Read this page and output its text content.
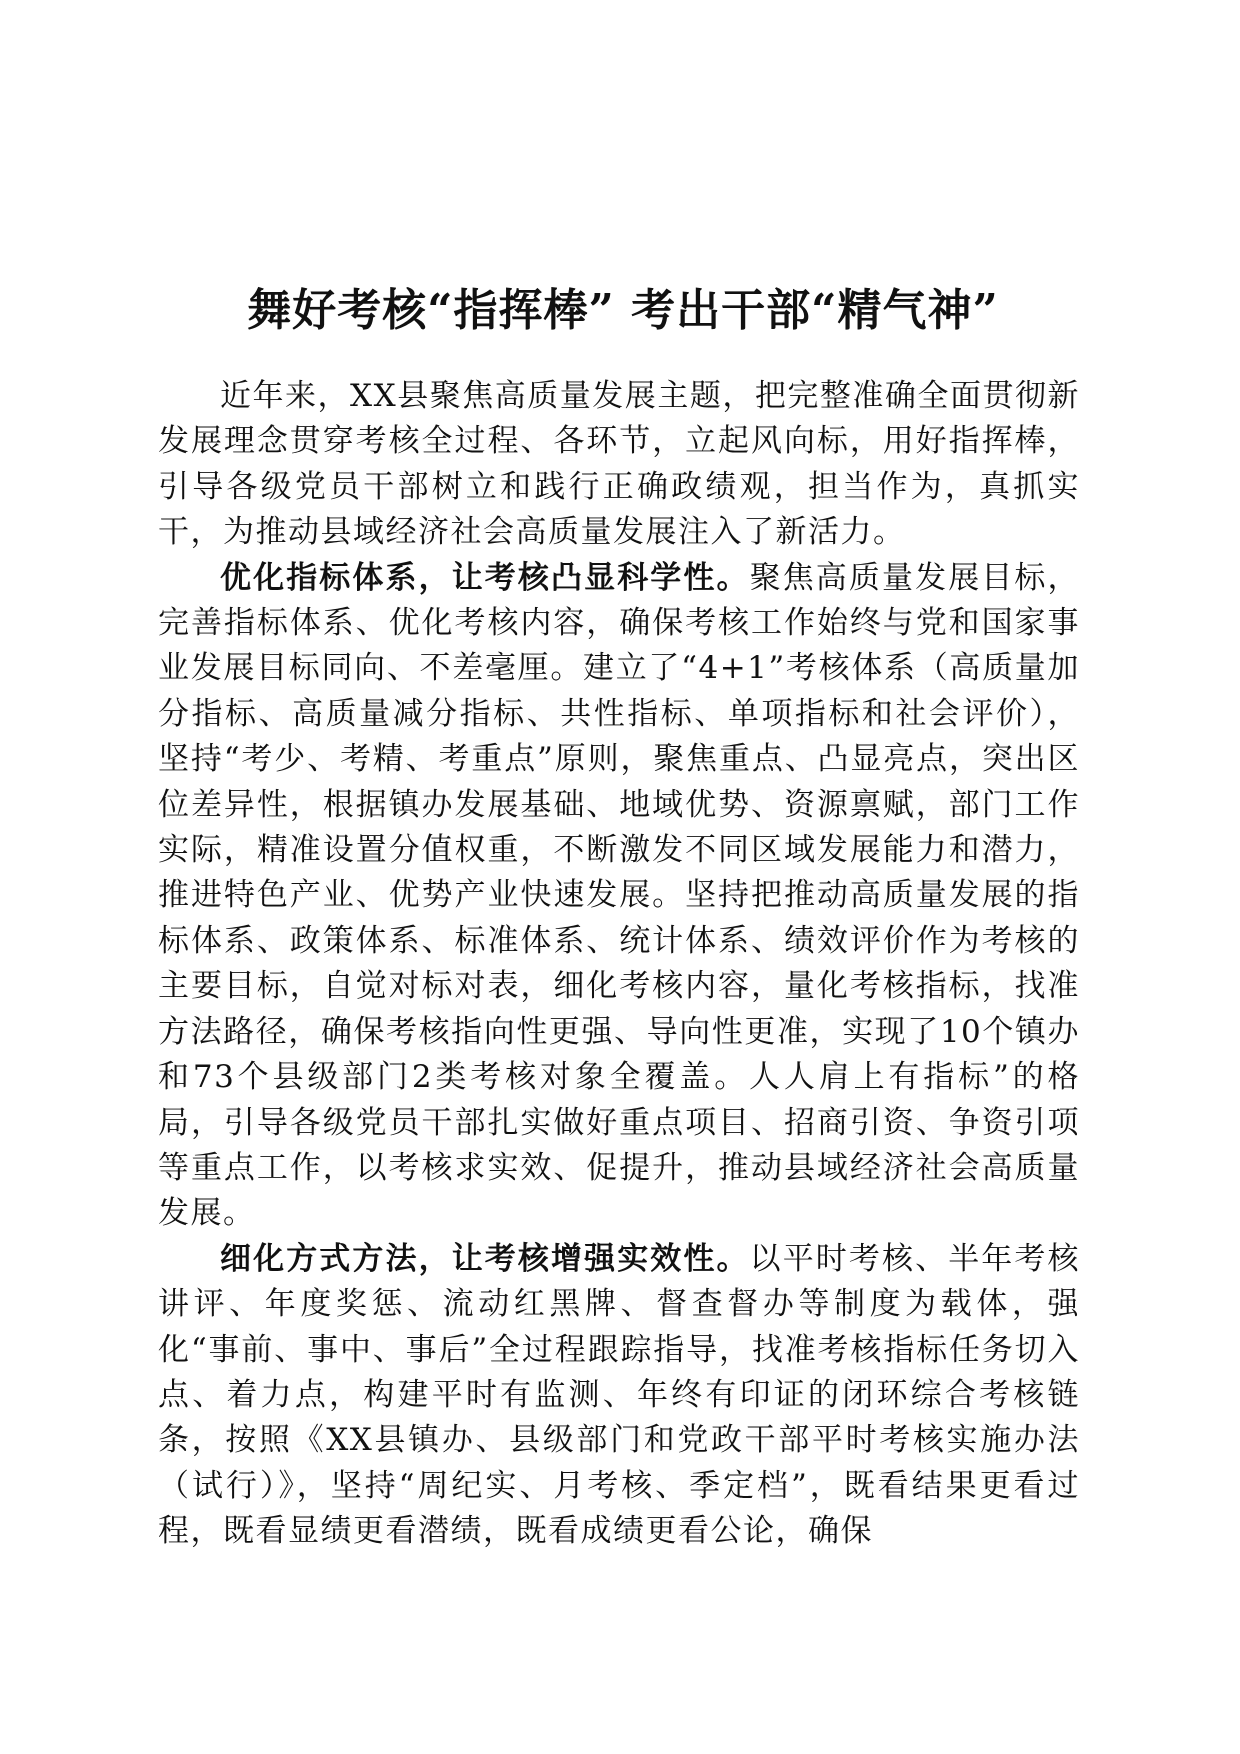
舞好考核“指挥棒” 考出干部“精气神”

近年来，XX县聚焦高质量发展主题，把完整准确全面贯彻新发展理念贯穿考核全过程、各环节，立起风向标，用好指挥棒，引导各级党员干部树立和践行正确政绩观，担当作为，真抓实干，为推动县域经济社会高质量发展注入了新活力。

优化指标体系，让考核凸显科学性。聚焦高质量发展目标，完善指标体系、优化考核内容，确保考核工作始终与党和国家事业发展目标同向、不差毫厘。建立了“4+1”考核体系（高质量加分指标、高质量减分指标、共性指标、单项指标和社会评价），坚持“考少、考精、考重点”原则，聚焦重点、凸显亮点，突出区位差异性，根据镇办发展基础、地域优势、资源禀赋，部门工作实际，精准设置分值权重，不断激发不同区域发展能力和潜力，推进特色产业、优势产业快速发展。坚持把推动高质量发展的指标体系、政策体系、标准体系、统计体系、绩效评价作为考核的主要目标，自觉对标对表，细化考核内容，量化考核指标，找准方法路径，确保考核指向性更强、导向性更准，实现了10个镇办和73个县级部门2类考核对象全覆盖。人人肩上有指标”的格局，引导各级党员干部扎实做好重点项目、招商引资、争资引项等重点工作，以考核求实效、促提升，推动县域经济社会高质量发展。

细化方式方法，让考核增强实效性。以平时考核、半年考核讲评、年度奖惩、流动红黑牌、督查督办等制度为载体，强化“事前、事中、事后”全过程跟踪指导，找准考核指标任务切入点、着力点，构建平时有监测、年终有印证的闭环综合考核链条，按照《XX县镇办、县级部门和党政干部平时考核实施办法（试行）》，坚持“周纪实、月考核、季定档”，既看结果更看过程，既看显绩更看潜绩，既看成绩更看公论，确保
